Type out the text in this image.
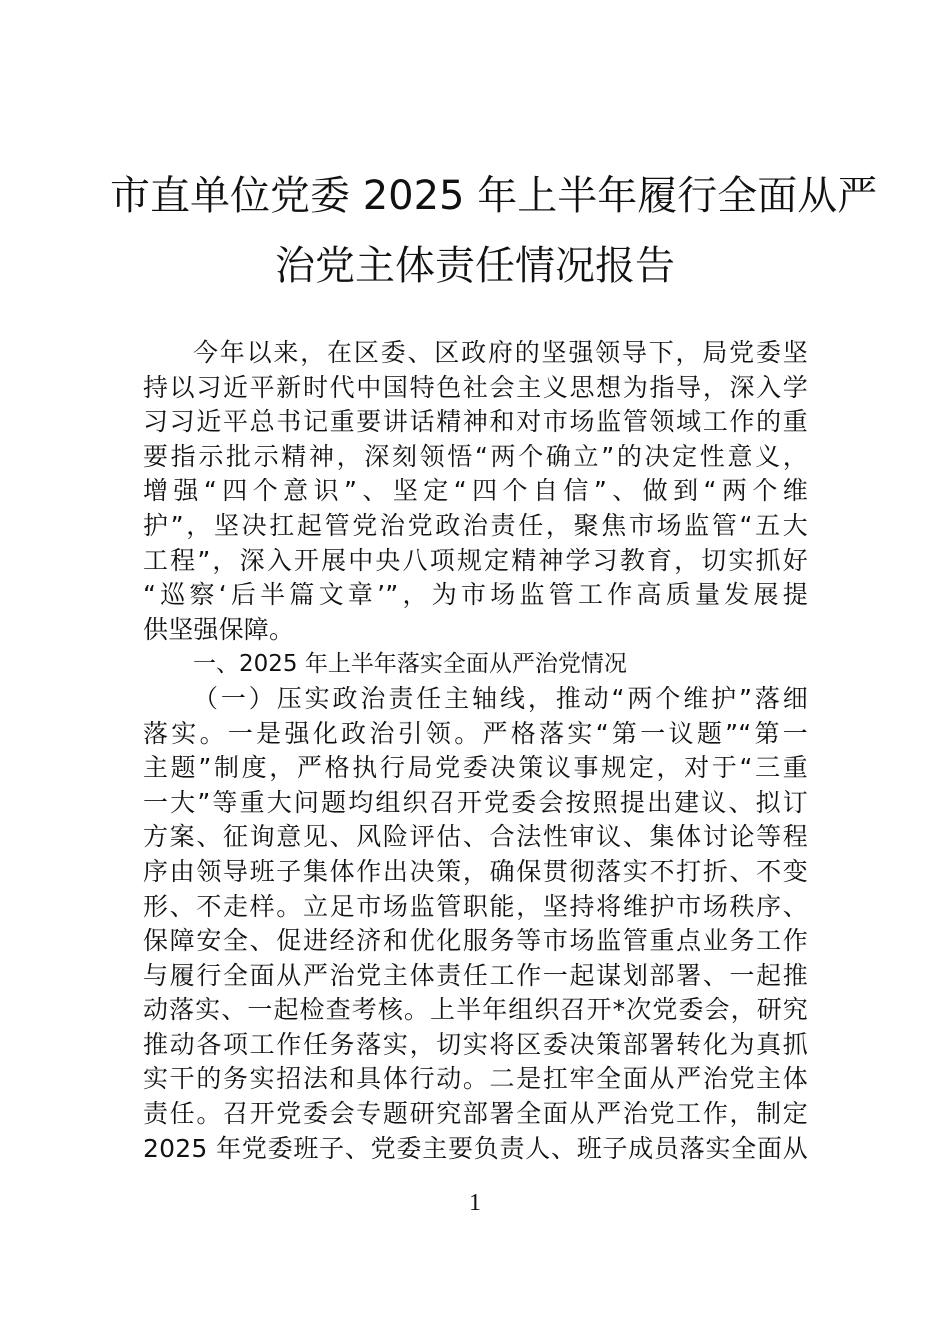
市直单位党委 2025 年上半年履行全面从严
治党主体责任情况报告
今年以来，在区委、区政府的坚强领导下，局党委坚
持以习近平新时代中国特色社会主义思想为指导，深入学
习习近平总书记重要讲话精神和对市场监管领域工作的重
要指示批示精神，深刻领悟“两个确立”的决定性意义，
增强“四个意识”、坚定“四个自信”、做到“两个维
护”，坚决扛起管党治党政治责任，聚焦市场监管“五大
工程”，深入开展中央八项规定精神学习教育，切实抓好
“巡察‘后半篇文章’”，为市场监管工作高质量发展提
供坚强保障。
一、2025 年上半年落实全面从严治党情况
（一）压实政治责任主轴线，推动“两个维护”落细
落实。一是强化政治引领。严格落实“第一议题”“第一
主题”制度，严格执行局党委决策议事规定，对于“三重
一大”等重大问题均组织召开党委会按照提出建议、拟订
方案、征询意见、风险评估、合法性审议、集体讨论等程
序由领导班子集体作出决策，确保贯彻落实不打折、不变
形、不走样。立足市场监管职能，坚持将维护市场秩序、
保障安全、促进经济和优化服务等市场监管重点业务工作
与履行全面从严治党主体责任工作一起谋划部署、一起推
动落实、一起检查考核。上半年组织召开*次党委会，研究
推动各项工作任务落实，切实将区委决策部署转化为真抓
实干的务实招法和具体行动。二是扛牢全面从严治党主体
责任。召开党委会专题研究部署全面从严治党工作，制定
2025 年党委班子、党委主要负责人、班子成员落实全面从
1
